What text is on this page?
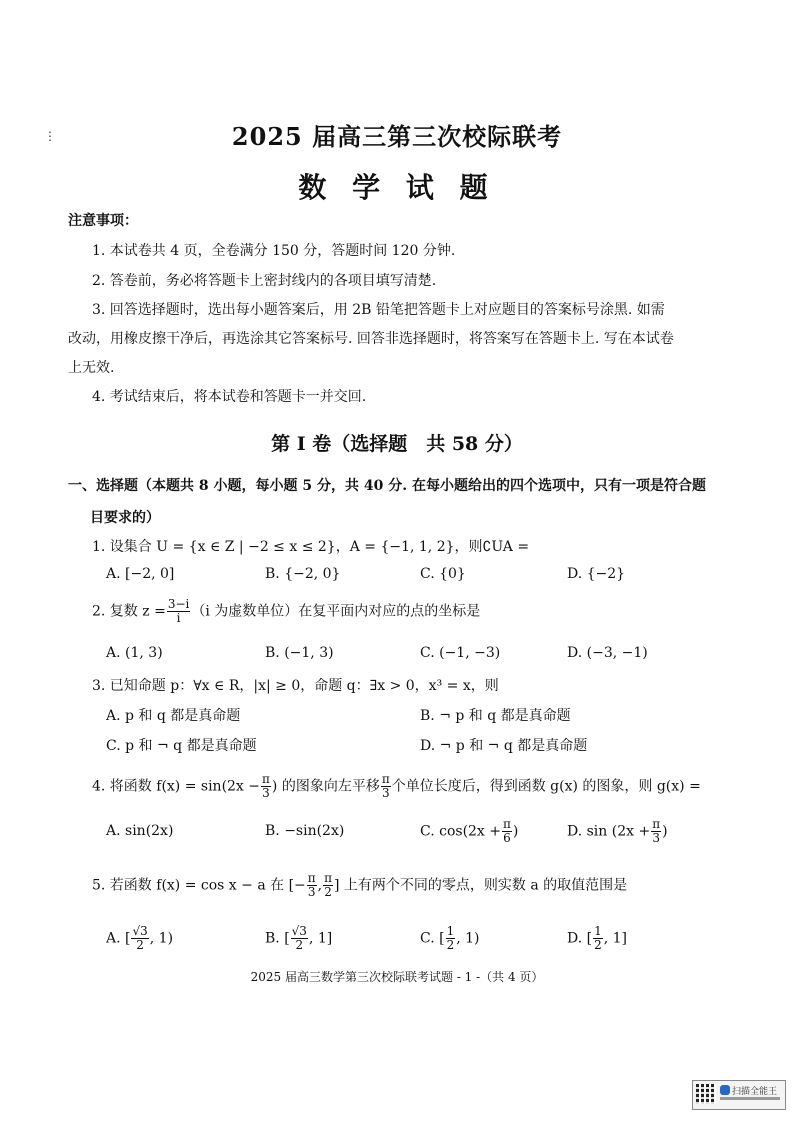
⋮	2025 届高三第三次校际联考
数 学 试 题
注意事项：
1. 本试卷共 4 页，全卷满分 150 分，答题时间 120 分钟.
2. 答卷前，务必将答题卡上密封线内的各项目填写清楚.
3. 回答选择题时，选出每小题答案后，用 2B 铅笔把答题卡上对应题目的答案标号涂黑. 如需
改动，用橡皮擦干净后，再选涂其它答案标号. 回答非选择题时，将答案写在答题卡上. 写在本试卷
上无效.
4. 考试结束后，将本试卷和答题卡一并交回.
第 Ⅰ 卷（选择题　共 58 分）
一、选择题（本题共 8 小题，每小题 5 分，共 40 分. 在每小题给出的四个选项中，只有一项是符合题
目要求的）
1. 设集合 U = {x ∈ Z | −2 ≤ x ≤ 2}，A = {−1, 1, 2}，则∁UA =
A. [−2, 0]	B. {−2, 0}	C. {0}	D. {−2}
2. 复数 $z = \frac{3-i}{i} (i$ 为虚数单位）在复平面内对应的点的坐标是
A. (1, 3)	B. (−1, 3)	C. (−1, −3)	D. (−3, −1)
3. 已知命题 p：∀x ∈ R，|x| ≥ 0，命题 q：∃x > 0，x³ = x，则
A. p 和 q 都是真命题	B. ¬ p 和 q 都是真命题
C. p 和 ¬ q 都是真命题	D. ¬ p 和 ¬ q 都是真命题
4. 将函数 $f(x) = \sin(2x - \frac{\pi}{3}$ ) 的图象向左平移 $\frac{\pi}{3}$ 个单位长度后，得到函数 g(x) 的图象，则 g(x) =
A. sin(2x)	B. −sin(2x)	C. $\cos(2x + \frac{\pi}{6}$ )	D. $\sin (2x + \frac{\pi}{3}$ )
5. 若函数 f(x) = cos x − a 在 [− $\frac{\pi}{3}$ , $\frac{\pi}{2}$ ] 上有两个不同的零点，则实数 a 的取值范围是
A. [ $\frac{√3}{2}$ , 1)	B. [ $\frac{√3}{2}$ , 1]	C. [ $\frac{1}{2}$ , 1)	D. [ $\frac{1}{2}$ , 1]
2025 届高三数学第三次校际联考试题 - 1 -（共 4 页）
扫描全能王
